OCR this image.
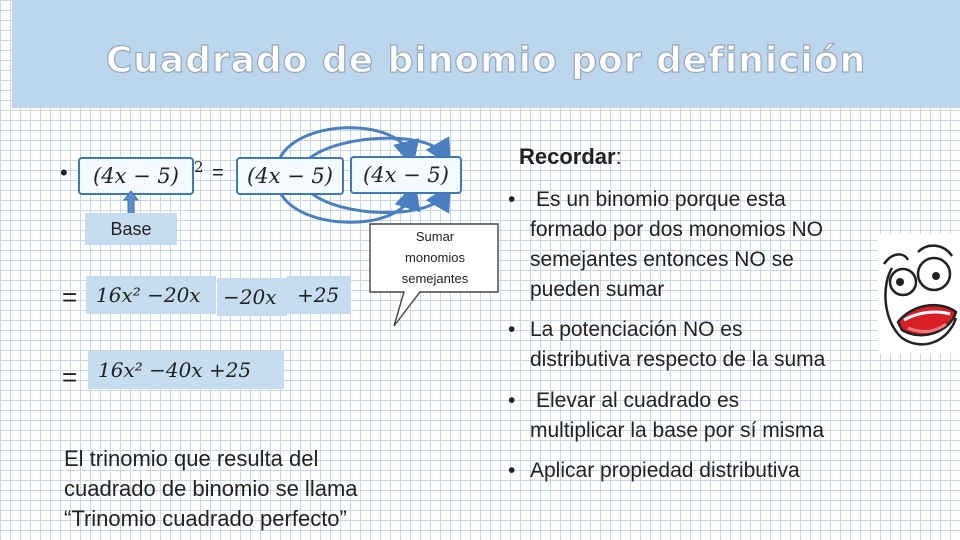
Cuadrado de binomio por definición
• (4x − 5) 2 = (4x − 5) (4x − 5)
Base
= 16x² −20x −20x +25
= 16x² −40x +25
Sumar
monomios
semejantes
El trinomio que resulta del
cuadrado de binomio se llama
“Trinomio cuadrado perfecto”
Recordar:
• Es un binomio porque esta
formado por dos monomios NO
semejantes entonces NO se
pueden sumar
• La potenciación NO es
distributiva respecto de la suma
• Elevar al cuadrado es
multiplicar la base por sí misma
• Aplicar propiedad distributiva
